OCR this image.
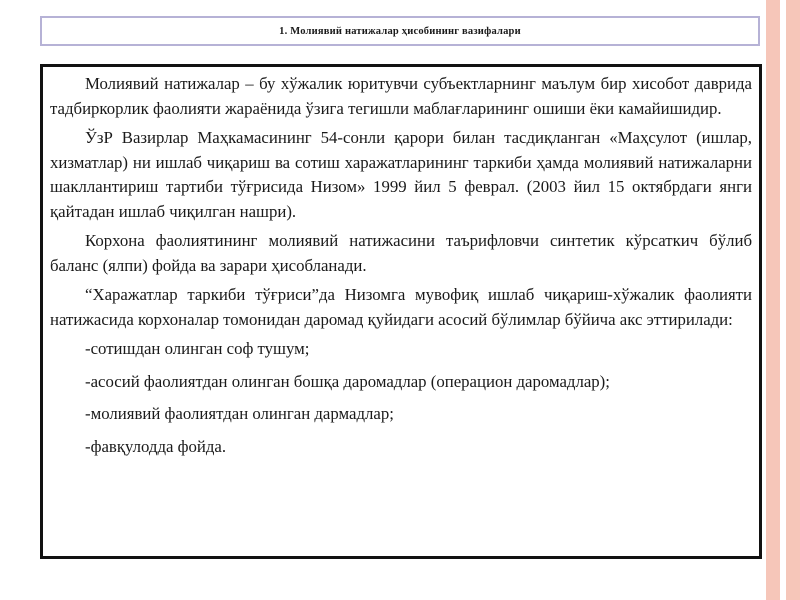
1. Молиявий натижалар ҳисобининг вазифалари

Молиявий натижалар – бу хўжалик юритувчи субъектларнинг маълум бир хисобот даврида тадбиркорлик фаолияти жараёнида ўзига тегишли маблағларининг ошиши ёки камайишидир.

ЎзР Вазирлар Маҳкамасининг 54-сонли қарори билан тасдиқланган «Маҳсулот (ишлар, хизматлар) ни ишлаб чиқариш ва сотиш харажатларининг таркиби ҳамда молиявий натижаларни шакллантириш тартиби тўғрисида Низом» 1999 йил 5 феврал. (2003 йил 15 октябрдаги янги қайтадан ишлаб чиқилган нашри).

Корхона фаолиятининг молиявий натижасини таърифловчи синтетик кўрсаткич бўлиб баланс (ялпи) фойда ва зарари ҳисобланади.

“Харажатлар таркиби тўғриси”да Низомга мувофиқ ишлаб чиқариш-хўжалик фаолияти натижасида корхоналар томонидан даромад қуйидаги асосий бўлимлар бўйича акс эттирилади:

-сотишдан олинган соф тушум;

-асосий фаолиятдан олинган бошқа даромадлар (операцион даромадлар);

-молиявий фаолиятдан олинган дармадлар;

-фавқулодда фойда.
